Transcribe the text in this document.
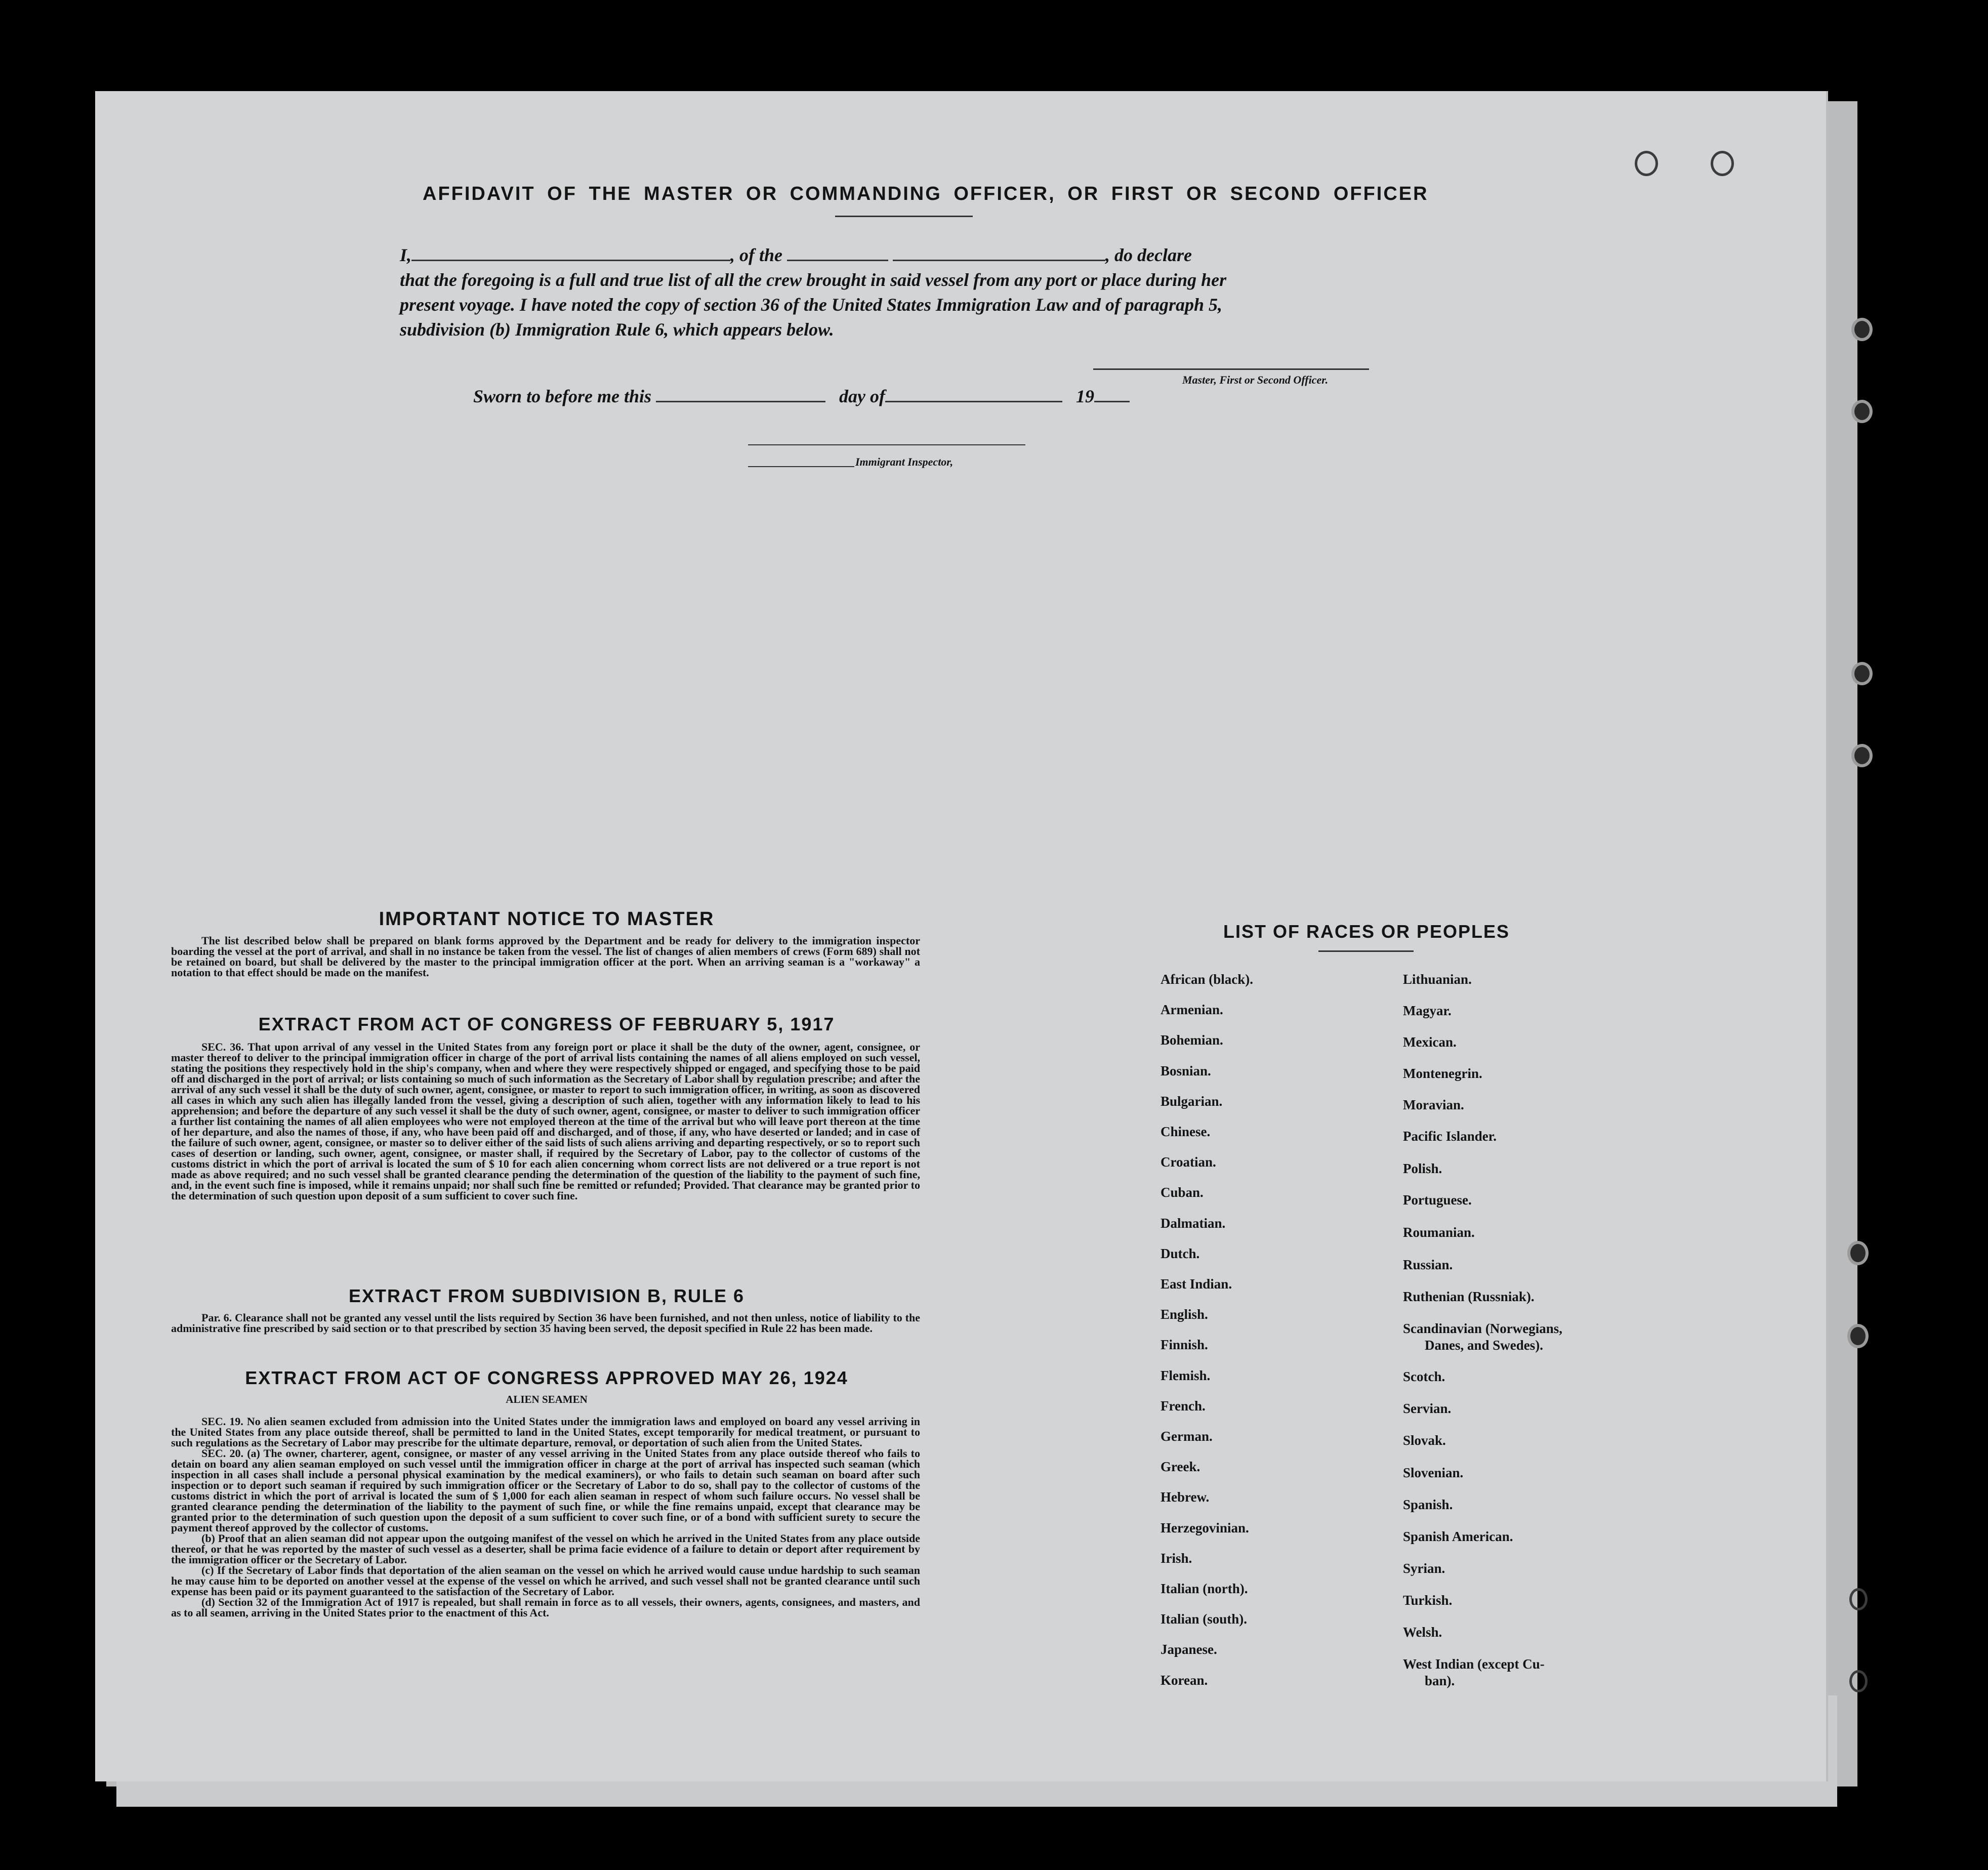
AFFIDAVIT OF THE MASTER OR COMMANDING OFFICER, OR FIRST OR SECOND OFFICER
I,	, of the	, do declare
that the foregoing is a full and true list of all the crew brought in said vessel from any port or place during her
present voyage. I have noted the copy of section 36 of the United States Immigration Law and of paragraph 5,
subdivision (b) Immigration Rule 6, which appears below.
Master, First or Second Officer.
Sworn to before me this	day of	19
Immigrant Inspector,
IMPORTANT NOTICE TO MASTER

The list described below shall be prepared on blank forms approved by the Department and be ready for delivery to the immigration inspector boarding the vessel at the port of arrival, and shall in no instance be taken from the vessel. The list of changes of alien members of crews (Form 689) shall not be retained on board, but shall be delivered by the master to the principal immigration officer at the port. When an arriving seaman is a "workaway" a notation to that effect should be made on the manifest.

EXTRACT FROM ACT OF CONGRESS OF FEBRUARY 5, 1917

SEC. 36. That upon arrival of any vessel in the United States from any foreign port or place it shall be the duty of the owner, agent, consignee, or master thereof to deliver to the principal immigration officer in charge of the port of arrival lists containing the names of all aliens employed on such vessel, stating the positions they respectively hold in the ship's company, when and where they were respectively shipped or engaged, and specifying those to be paid off and discharged in the port of arrival; or lists containing so much of such information as the Secretary of Labor shall by regulation prescribe; and after the arrival of any such vessel it shall be the duty of such owner, agent, consignee, or master to report to such immigration officer, in writing, as soon as discovered all cases in which any such alien has illegally landed from the vessel, giving a description of such alien, together with any information likely to lead to his apprehension; and before the departure of any such vessel it shall be the duty of such owner, agent, consignee, or master to deliver to such immigration officer a further list containing the names of all alien employees who were not employed thereon at the time of the arrival but who will leave port thereon at the time of her departure, and also the names of those, if any, who have been paid off and discharged, and of those, if any, who have deserted or landed; and in case of the failure of such owner, agent, consignee, or master so to deliver either of the said lists of such aliens arriving and departing respectively, or so to report such cases of desertion or landing, such owner, agent, consignee, or master shall, if required by the Secretary of Labor, pay to the collector of customs of the customs district in which the port of arrival is located the sum of $ 10 for each alien concerning whom correct lists are not delivered or a true report is not made as above required; and no such vessel shall be granted clearance pending the determination of the question of the liability to the payment of such fine, and, in the event such fine is imposed, while it remains unpaid; nor shall such fine be remitted or refunded; Provided. That clearance may be granted prior to the determination of such question upon deposit of a sum sufficient to cover such fine.

EXTRACT FROM SUBDIVISION B, RULE 6

Par. 6. Clearance shall not be granted any vessel until the lists required by Section 36 have been furnished, and not then unless, notice of liability to the administrative fine prescribed by said section or to that prescribed by section 35 having been served, the deposit specified in Rule 22 has been made.

EXTRACT FROM ACT OF CONGRESS APPROVED MAY 26, 1924
ALIEN SEAMEN

SEC. 19. No alien seamen excluded from admission into the United States under the immigration laws and employed on board any vessel arriving in the United States from any place outside thereof, shall be permitted to land in the United States, except temporarily for medical treatment, or pursuant to such regulations as the Secretary of Labor may prescribe for the ultimate departure, removal, or deportation of such alien from the United States.

SEC. 20. (a) The owner, charterer, agent, consignee, or master of any vessel arriving in the United States from any place outside thereof who fails to detain on board any alien seaman employed on such vessel until the immigration officer in charge at the port of arrival has inspected such seaman (which inspection in all cases shall include a personal physical examination by the medical examiners), or who fails to detain such seaman on board after such inspection or to deport such seaman if required by such immigration officer or the Secretary of Labor to do so, shall pay to the collector of customs of the customs district in which the port of arrival is located the sum of $ 1,000 for each alien seaman in respect of whom such failure occurs. No vessel shall be granted clearance pending the determination of the liability to the payment of such fine, or while the fine remains unpaid, except that clearance may be granted prior to the determination of such question upon the deposit of a sum sufficient to cover such fine, or of a bond with sufficient surety to secure the payment thereof approved by the collector of customs.

(b) Proof that an alien seaman did not appear upon the outgoing manifest of the vessel on which he arrived in the United States from any place outside thereof, or that he was reported by the master of such vessel as a deserter, shall be prima facie evidence of a failure to detain or deport after requirement by the immigration officer or the Secretary of Labor.

(c) If the Secretary of Labor finds that deportation of the alien seaman on the vessel on which he arrived would cause undue hardship to such seaman he may cause him to be deported on another vessel at the expense of the vessel on which he arrived, and such vessel shall not be granted clearance until such expense has been paid or its payment guaranteed to the satisfaction of the Secretary of Labor.

(d) Section 32 of the Immigration Act of 1917 is repealed, but shall remain in force as to all vessels, their owners, agents, consignees, and masters, and as to all seamen, arriving in the United States prior to the enactment of this Act.

LIST OF RACES OR PEOPLES
African (black).
Armenian.
Bohemian.
Bosnian.
Bulgarian.
Chinese.
Croatian.
Cuban.
Dalmatian.
Dutch.
East Indian.
English.
Finnish.
Flemish.
French.
German.
Greek.
Hebrew.
Herzegovinian.
Irish.
Italian (north).
Italian (south).
Japanese.
Korean.
Lithuanian.
Magyar.
Mexican.
Montenegrin.
Moravian.
Pacific Islander.
Polish.
Portuguese.
Roumanian.
Russian.
Ruthenian (Russniak).
Scandinavian (Norwegians,
Danes, and Swedes).
Scotch.
Servian.
Slovak.
Slovenian.
Spanish.
Spanish American.
Syrian.
Turkish.
Welsh.
West Indian (except Cu-
ban).
